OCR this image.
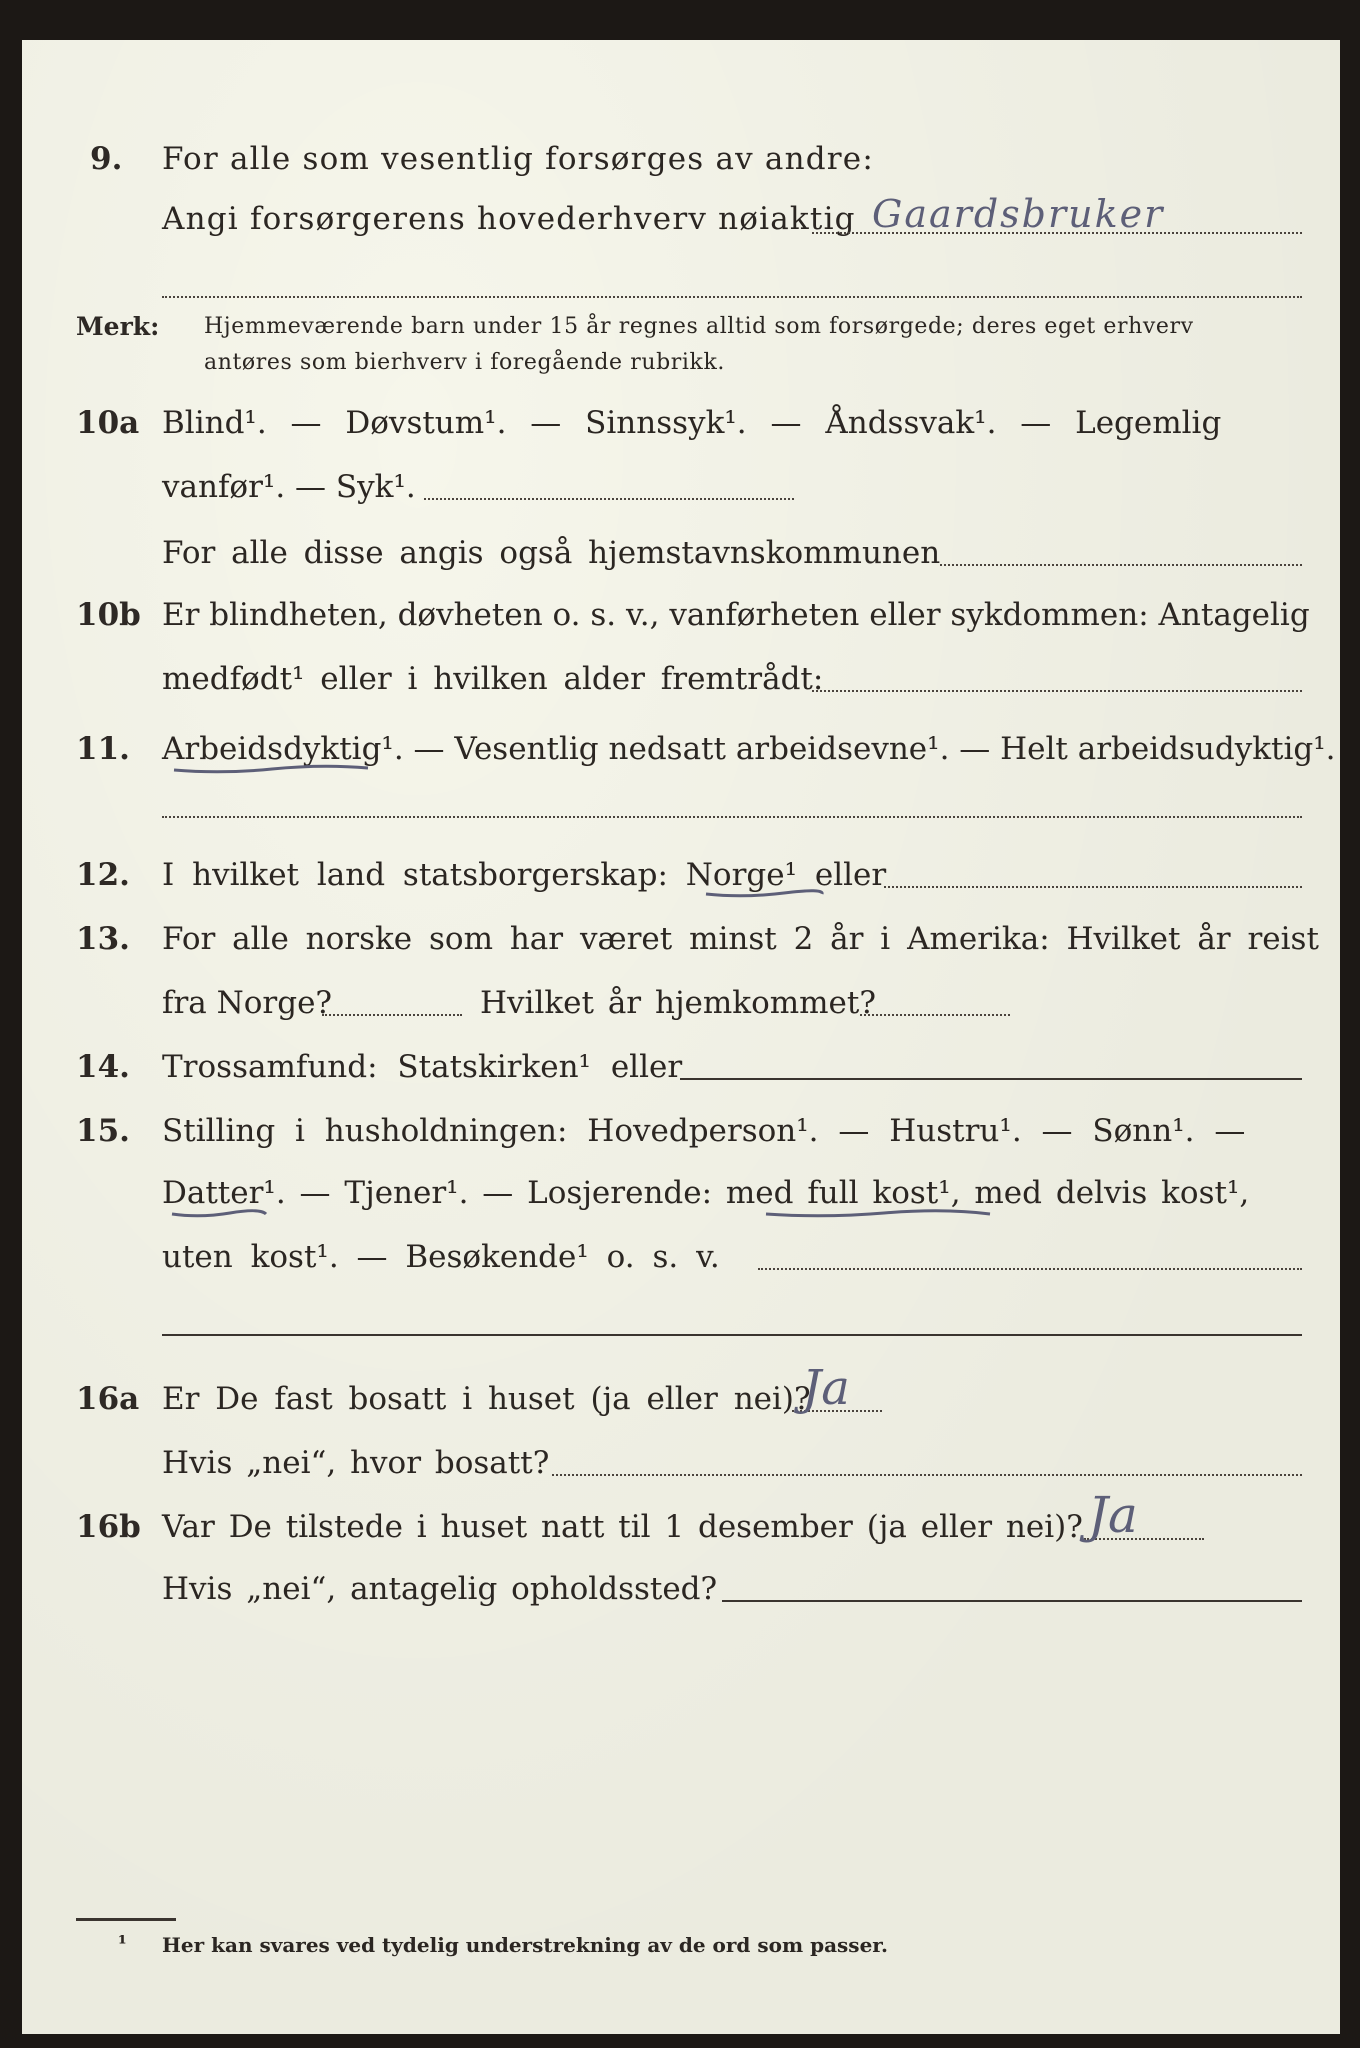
9. For alle som vesentlig forsørges av andre:
Angi forsørgerens hovederhverv nøiaktig Gaardsbruker
Merk: Hjemmeværende barn under 15 år regnes alltid som forsørgede; deres eget erhverv
antøres som bierhverv i foregående rubrikk.
10a Blind¹. — Døvstum¹. — Sinnssyk¹. — Åndssvak¹. — Legemlig
vanfør¹. — Syk¹.
For alle disse angis også hjemstavnskommunen
10b Er blindheten, døvheten o. s. v., vanførheten eller sykdommen: Antagelig
medfødt¹ eller i hvilken alder fremtrådt:
11. Arbeidsdyktig¹. — Vesentlig nedsatt arbeidsevne¹. — Helt arbeidsudyktig¹.
12. I hvilket land statsborgerskap: Norge¹ eller
13. For alle norske som har været minst 2 år i Amerika: Hvilket år reist
fra Norge?	Hvilket år hjemkommet?
14. Trossamfund: Statskirken¹ eller
15. Stilling i husholdningen: Hovedperson¹. — Hustru¹. — Sønn¹. —
Datter¹. — Tjener¹. — Losjerende: med full kost¹, med delvis kost¹,
uten kost¹. — Besøkende¹ o. s. v.
16a Er De fast bosatt i huset (ja eller nei)?
Ja
Hvis „nei“, hvor bosatt?
16b Var De tilstede i huset natt til 1 desember (ja eller nei)? Ja
Hvis „nei“, antagelig opholdssted?
¹ Her kan svares ved tydelig understrekning av de ord som passer.
